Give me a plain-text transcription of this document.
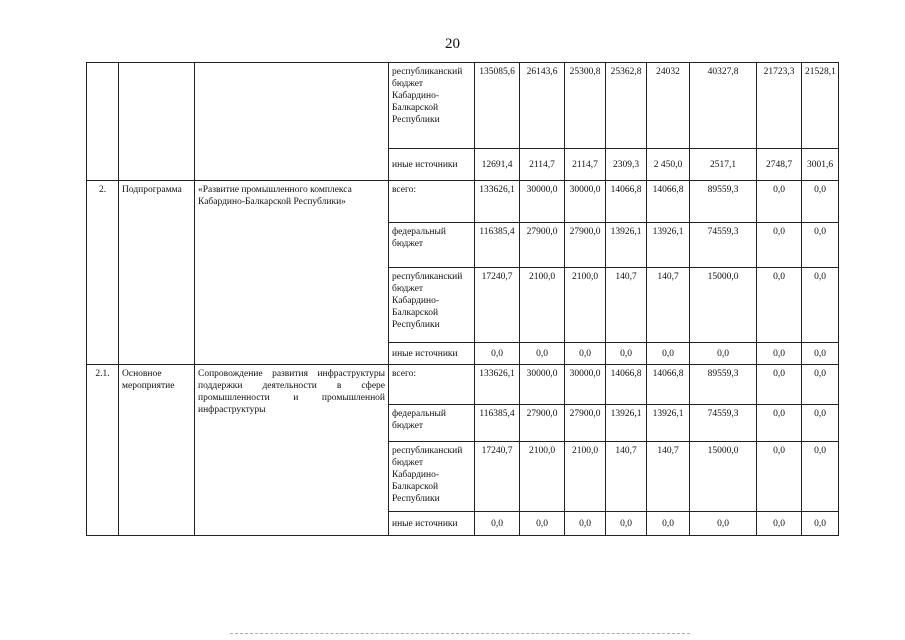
20
			республиканский бюджет Кабардино-Балкарской Республики	135085,6	26143,6	25300,8	25362,8	24032	40327,8	21723,3	21528,1
			иные источники	12691,4	2114,7	2114,7	2309,3	2 450,0	2517,1	2748,7	3001,6
2.	Подпрограмма	«Развитие промышленного комплекса Кабардино-Балкарской Республики»	всего:	133626,1	30000,0	30000,0	14066,8	14066,8	89559,3	0,0	0,0
			федеральный бюджет	116385,4	27900,0	27900,0	13926,1	13926,1	74559,3	0,0	0,0
			республиканский бюджет Кабардино-Балкарской Республики	17240,7	2100,0	2100,0	140,7	140,7	15000,0	0,0	0,0
			иные источники	0,0	0,0	0,0	0,0	0,0	0,0	0,0	0,0
2.1.	Основное мероприятие	Сопровождение развития инфраструктуры поддержки деятельности в сфере промышленности и промышленной инфраструктуры	всего:	133626,1	30000,0	30000,0	14066,8	14066,8	89559,3	0,0	0,0
			федеральный бюджет	116385,4	27900,0	27900,0	13926,1	13926,1	74559,3	0,0	0,0
			республиканский бюджет Кабардино-Балкарской Республики	17240,7	2100,0	2100,0	140,7	140,7	15000,0	0,0	0,0
			иные источники	0,0	0,0	0,0	0,0	0,0	0,0	0,0	0,0
